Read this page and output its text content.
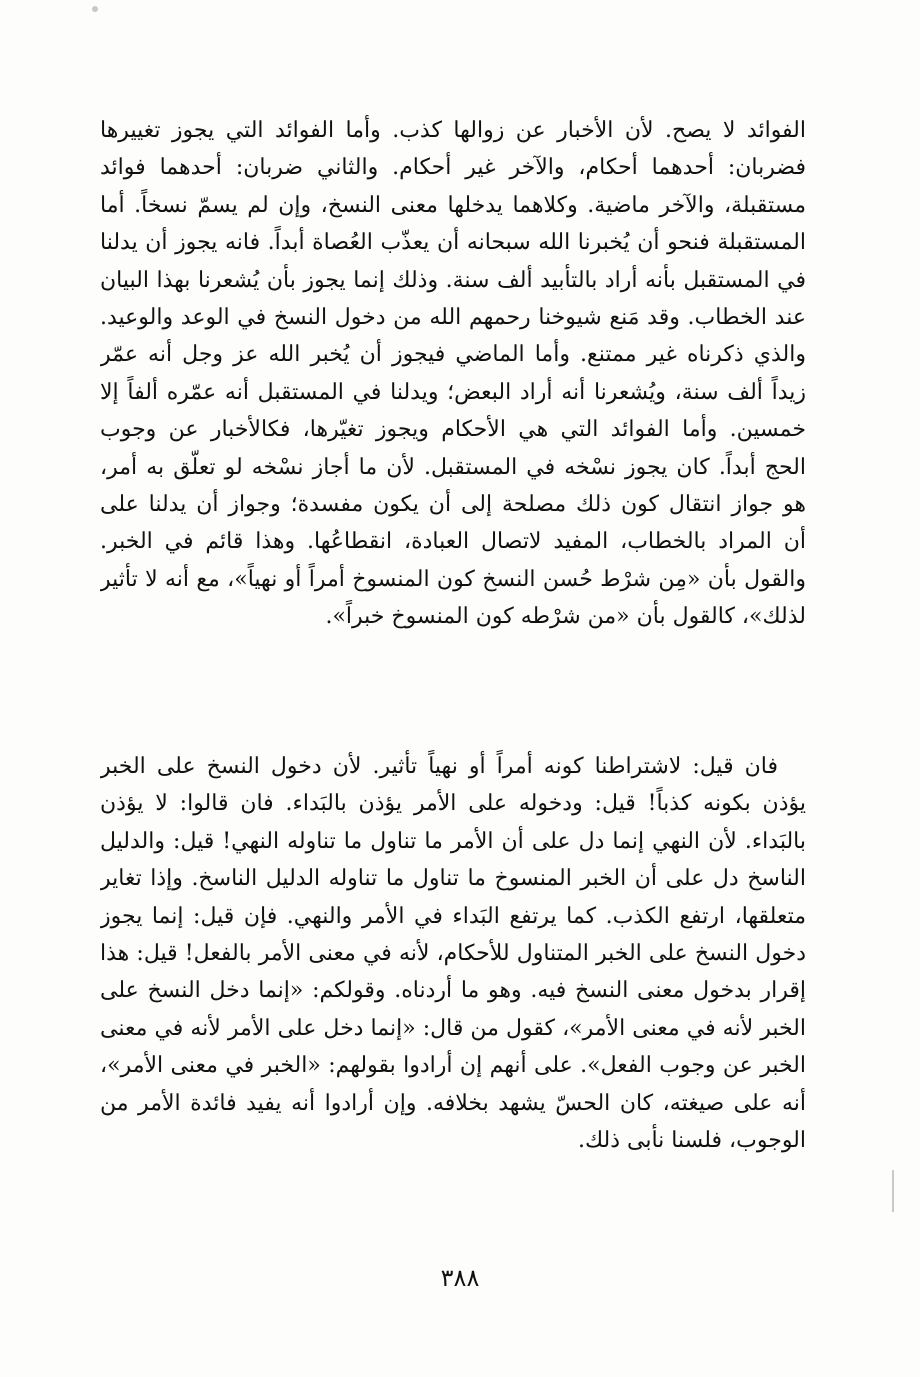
الفوائد لا يصح. لأن الأخبار عن زوالها كذب. وأما الفوائد التي يجوز تغييرها
فضربان: أحدهما أحكام، والآخر غير أحكام. والثاني ضربان: أحدهما فوائد
مستقبلة، والآخر ماضية. وكلاهما يدخلها معنى النسخ، وإن لم يسمّ نسخاً. أما
المستقبلة فنحو أن يُخبرنا الله سبحانه أن يعذّب العُصاة أبداً. فانه يجوز أن يدلنا
في المستقبل بأنه أراد بالتأبيد ألف سنة. وذلك إنما يجوز بأن يُشعرنا بهذا البيان
عند الخطاب. وقد مَنع شيوخنا رحمهم الله من دخول النسخ في الوعد والوعيد.
والذي ذكرناه غير ممتنع. وأما الماضي فيجوز أن يُخبر الله عز وجل أنه عمّر
زيداً ألف سنة، ويُشعرنا أنه أراد البعض؛ ويدلنا في المستقبل أنه عمّره ألفاً إلا
خمسين. وأما الفوائد التي هي الأحكام ويجوز تغيّرها، فكالأخبار عن وجوب
الحج أبداً. كان يجوز نسْخه في المستقبل. لأن ما أجاز نسْخه لو تعلّق به أمر،
هو جواز انتقال كون ذلك مصلحة إلى أن يكون مفسدة؛ وجواز أن يدلنا على
أن المراد بالخطاب، المفيد لاتصال العبادة، انقطاعُها. وهذا قائم في الخبر.
والقول بأن «مِن شرْط حُسن النسخ كون المنسوخ أمراً أو نهياً»، مع أنه لا تأثير
لذلك»، كالقول بأن «من شرْطه كون المنسوخ خبراً».
فان قيل: لاشتراطنا كونه أمراً أو نهياً تأثير. لأن دخول النسخ على الخبر
يؤذن بكونه كذباً! قيل: ودخوله على الأمر يؤذن بالبَداء. فان قالوا: لا يؤذن
بالبَداء. لأن النهي إنما دل على أن الأمر ما تناول ما تناوله النهي! قيل: والدليل
الناسخ دل على أن الخبر المنسوخ ما تناول ما تناوله الدليل الناسخ. وإذا تغاير
متعلقها، ارتفع الكذب. كما يرتفع البَداء في الأمر والنهي. فإن قيل: إنما يجوز
دخول النسخ على الخبر المتناول للأحكام، لأنه في معنى الأمر بالفعل! قيل: هذا
إقرار بدخول معنى النسخ فيه. وهو ما أردناه. وقولكم: «إنما دخل النسخ على
الخبر لأنه في معنى الأمر»، كقول من قال: «إنما دخل على الأمر لأنه في معنى
الخبر عن وجوب الفعل». على أنهم إن أرادوا بقولهم: «الخبر في معنى الأمر»،
أنه على صيغته، كان الحسّ يشهد بخلافه. وإن أرادوا أنه يفيد فائدة الأمر من
الوجوب، فلسنا نأبى ذلك.
٣٨٨
